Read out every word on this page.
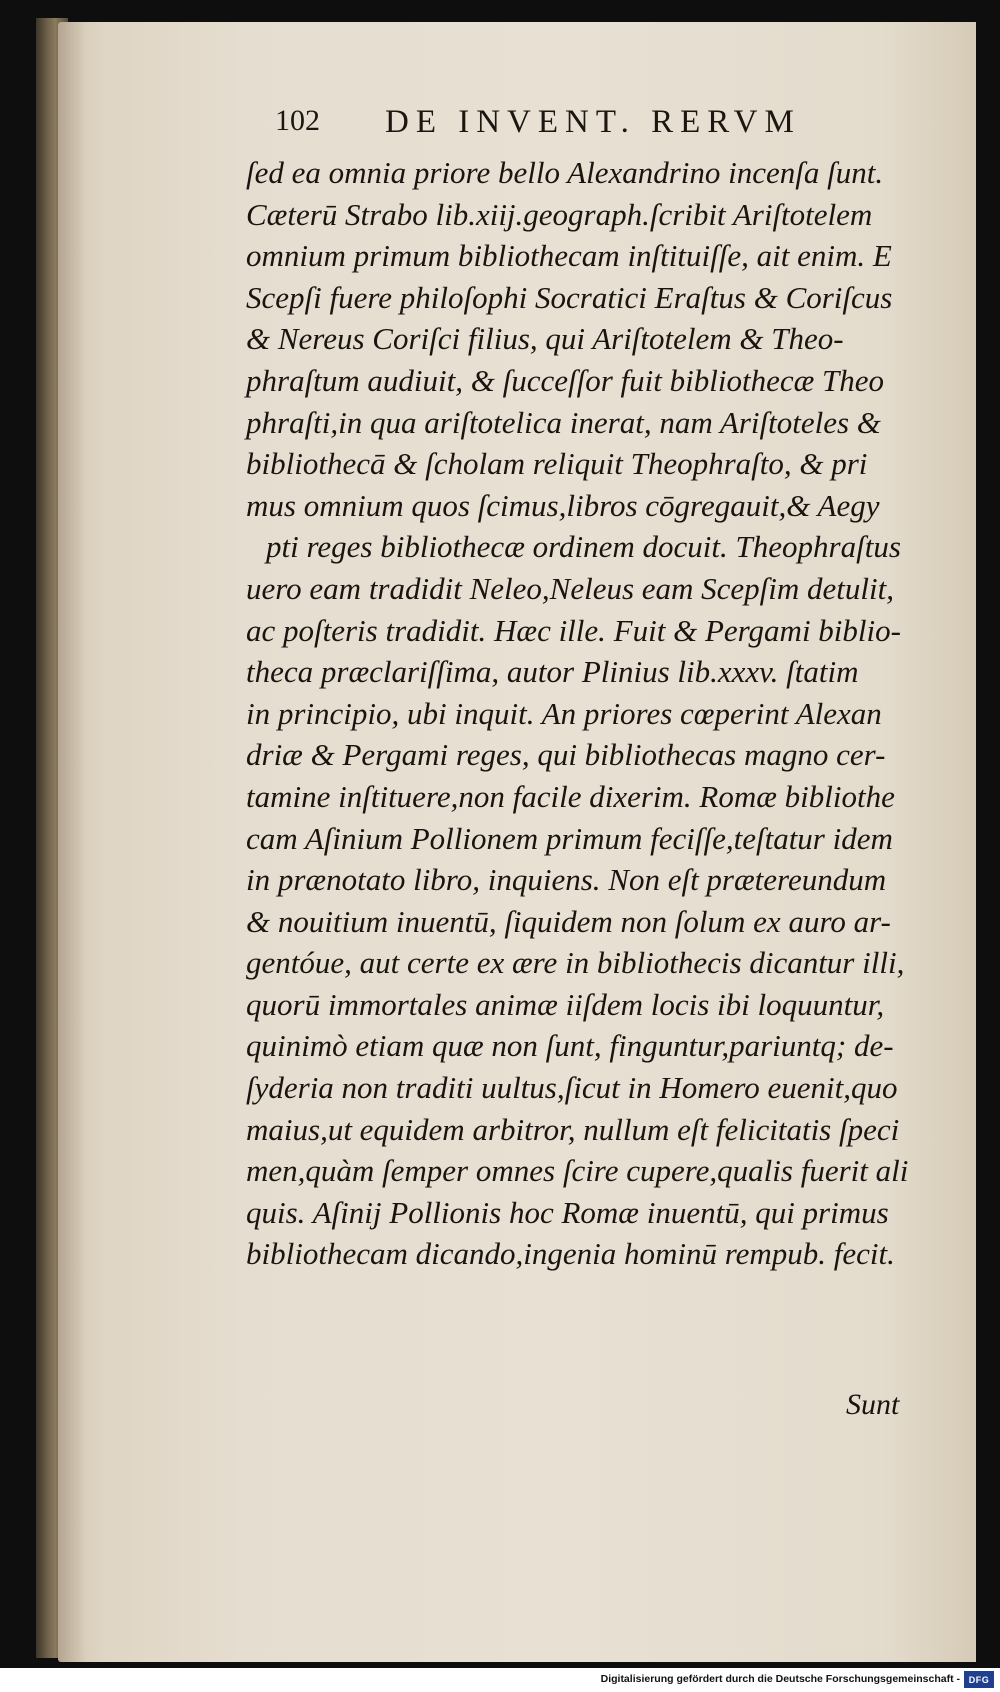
102 DE INVENT. RERVM
ſed ea omnia priore bello Alexandrino incenſa ſunt.
Cæterū Strabo lib.xiij.geograph.ſcribit Ariſtotelem
omnium primum bibliothecam inſtituiſſe, ait enim. E
Scepſi fuere philoſophi Socratici Eraſtus & Coriſcus
& Nereus Coriſci filius, qui Ariſtotelem & Theo-
phraſtum audiuit, & ſucceſſor fuit bibliothecæ Theo
phraſti,in qua ariſtotelica inerat, nam Ariſtoteles &
bibliothecā & ſcholam reliquit Theophraſto, & pri
mus omnium quos ſcimus,libros cōgregauit,& Aegy
pti reges bibliothecæ ordinem docuit. Theophraſtus
uero eam tradidit Neleo,Neleus eam Scepſim detulit,
ac poſteris tradidit. Hæc ille. Fuit & Pergami biblio-
theca præclariſſima, autor Plinius lib.xxxv. ſtatim
in principio, ubi inquit. An priores cœperint Alexan
driæ & Pergami reges, qui bibliothecas magno cer-
tamine inſtituere,non facile dixerim. Romæ bibliothe
cam Aſinium Pollionem primum feciſſe,teſtatur idem
in prænotato libro, inquiens. Non eſt prætereundum
& nouitium inuentū, ſiquidem non ſolum ex auro ar-
gentóue, aut certe ex ære in bibliothecis dicantur illi,
quorū immortales animæ iiſdem locis ibi loquuntur,
quinimò etiam quæ non ſunt, finguntur,pariuntq; de-
ſyderia non traditi uultus,ſicut in Homero euenit,quo
maius,ut equidem arbitror, nullum eſt felicitatis ſpeci
men,quàm ſemper omnes ſcire cupere,qualis fuerit ali
quis. Aſinij Pollionis hoc Romæ inuentū, qui primus
bibliothecam dicando,ingenia hominū rempub. fecit.
Sunt
Digitalisierung gefördert durch die Deutsche Forschungsgemeinschaft - DFG
